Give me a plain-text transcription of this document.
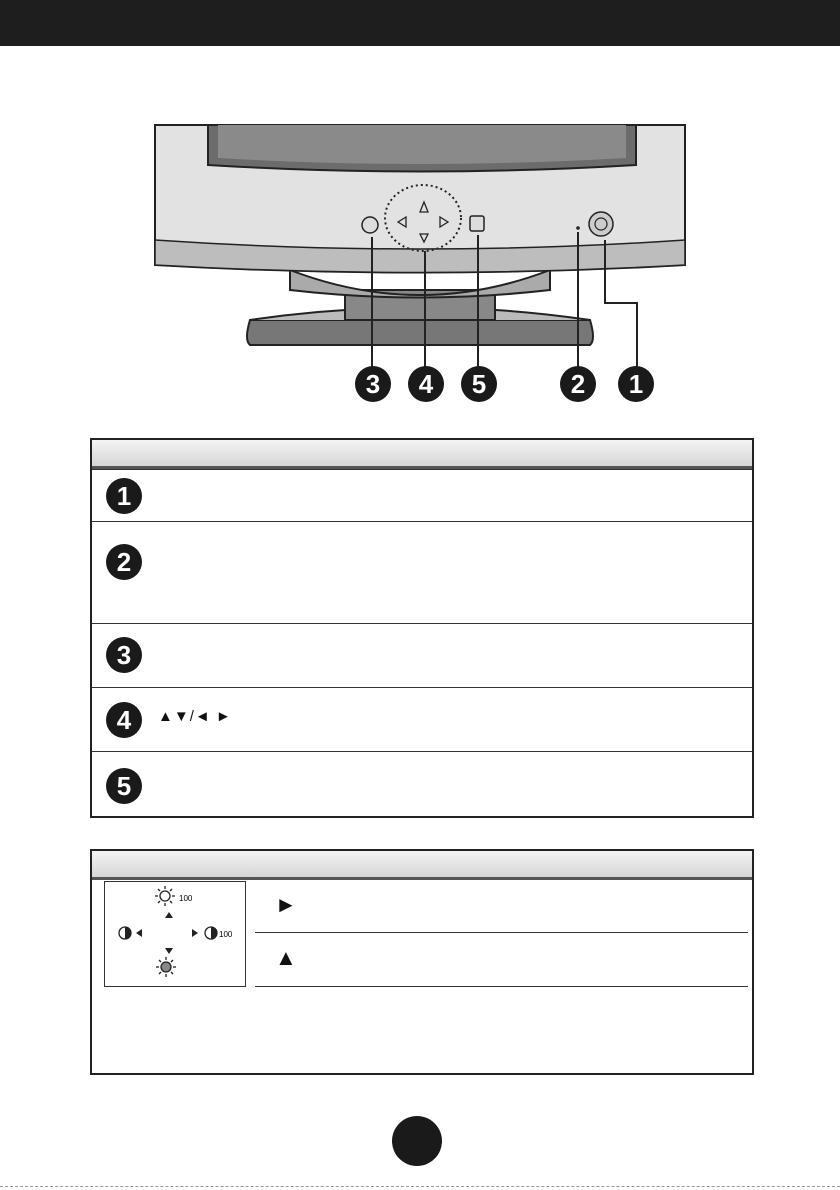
3	4	5	2	1
1
2
3
4	▲▼/◄ ►
5
100
100
►
▲
